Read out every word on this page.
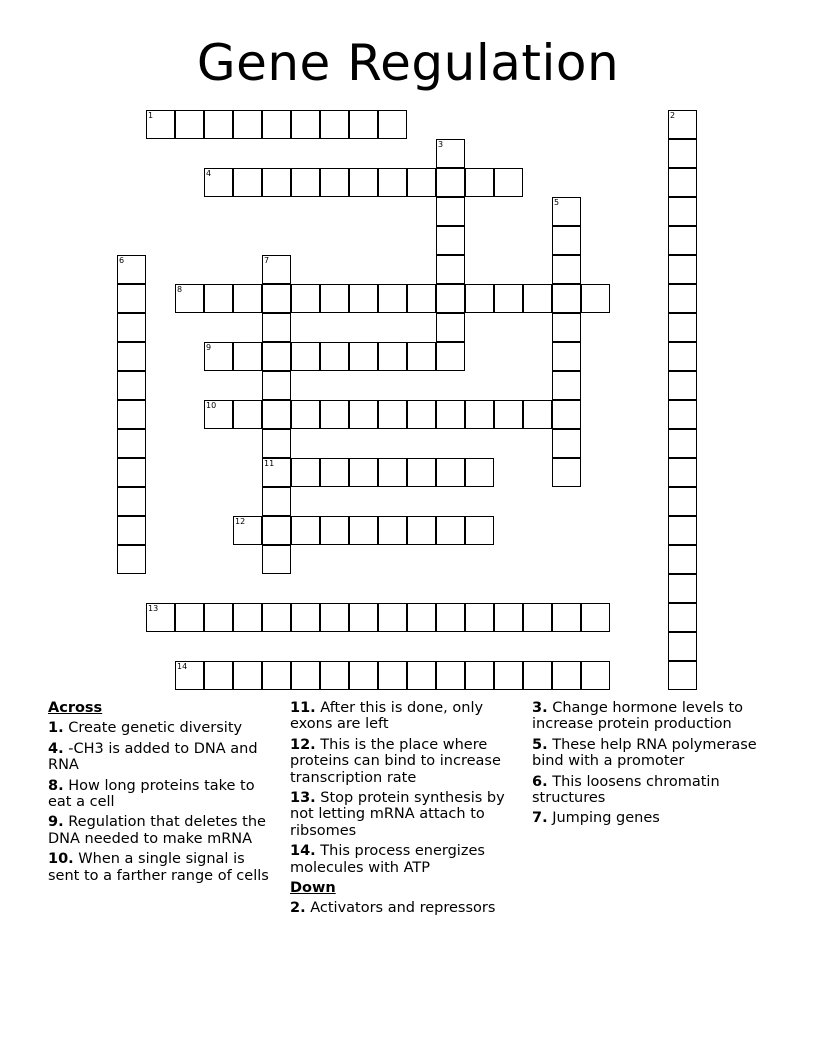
Gene Regulation
1	2
3
4
5
6	7
11
8
9
10
12
13
14
Across
1. Create genetic diversity
4. -CH3 is added to DNA and RNA
8. How long proteins take to eat a cell
9. Regulation that deletes the DNA needed to make mRNA
10. When a single signal is sent to a farther range of cells
11. After this is done, only exons are left
12. This is the place where proteins can bind to increase transcription rate
13. Stop protein synthesis by not letting mRNA attach to ribsomes
14. This process energizes molecules with ATP
Down
2. Activators and repressors
3. Change hormone levels to increase protein production
5. These help RNA polymerase bind with a promoter
6. This loosens chromatin structures
7. Jumping genes
